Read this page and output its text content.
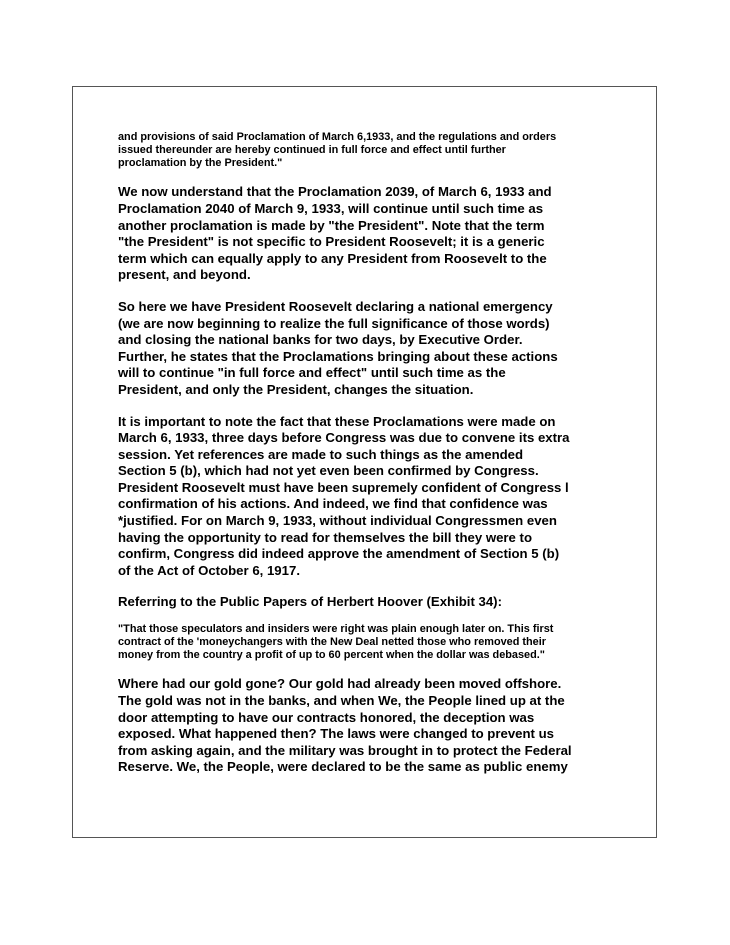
and provisions of said Proclamation of March 6,1933, and the regulations and orders
issued thereunder are hereby continued in full force and effect until further
proclamation by the President."

We now understand that the Proclamation 2039, of March 6, 1933 and
Proclamation 2040 of March 9, 1933, will continue until such time as
another proclamation is made by "the President". Note that the term
"the President" is not specific to President Roosevelt; it is a generic
term which can equally apply to any President from Roosevelt to the
present, and beyond.

So here we have President Roosevelt declaring a national emergency
(we are now beginning to realize the full significance of those words)
and closing the national banks for two days, by Executive Order.
Further, he states that the Proclamations bringing about these actions
will to continue "in full force and effect" until such time as the
President, and only the President, changes the situation.

It is important to note the fact that these Proclamations were made on
March 6, 1933, three days before Congress was due to convene its extra
session. Yet references are made to such things as the amended
Section 5 (b), which had not yet even been confirmed by Congress.
President Roosevelt must have been supremely confident of Congress l
confirmation of his actions. And indeed, we find that confidence was
*justified. For on March 9, 1933, without individual Congressmen even
having the opportunity to read for themselves the bill they were to
confirm, Congress did indeed approve the amendment of Section 5 (b)
of the Act of October 6, 1917.

Referring to the Public Papers of Herbert Hoover (Exhibit 34):

"That those speculators and insiders were right was plain enough later on. This first
contract of the 'moneychangers with the New Deal netted those who removed their
money from the country a profit of up to 60 percent when the dollar was debased."

Where had our gold gone? Our gold had already been moved offshore.
The gold was not in the banks, and when We, the People lined up at the
door attempting to have our contracts honored, the deception was
exposed. What happened then? The laws were changed to prevent us
from asking again, and the military was brought in to protect the Federal
Reserve. We, the People, were declared to be the same as public enemy
